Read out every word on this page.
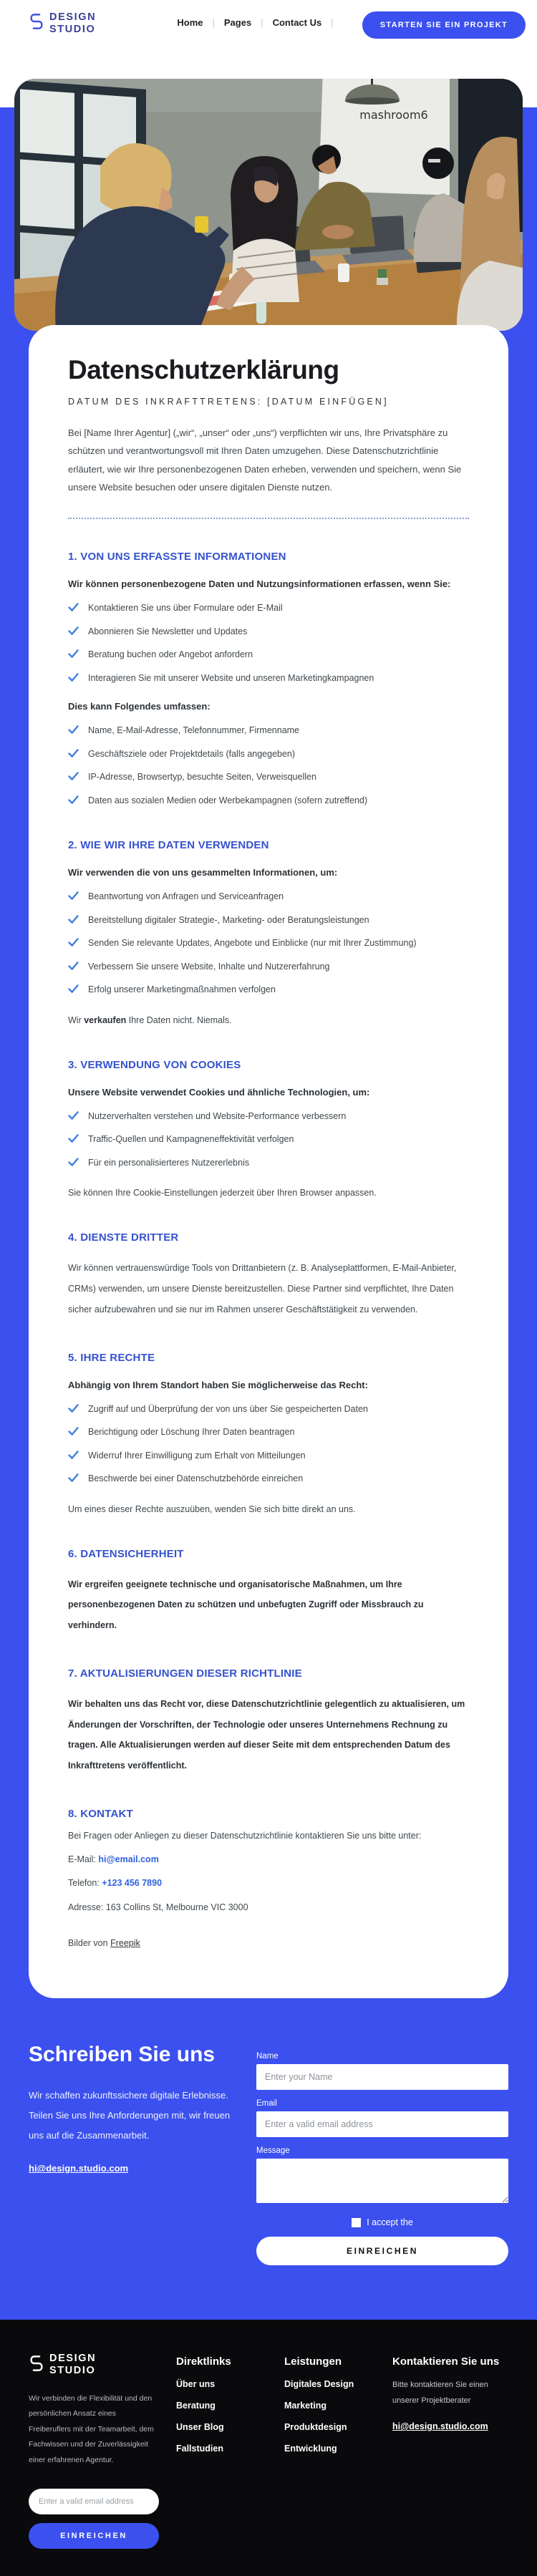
DESIGN
STUDIO
Home	|	Pages	|	Contact Us	|	STARTEN SIE EIN PROJEKT
mashroom6
Datenschutzerklärung
DATUM DES INKRAFTTRETENS: [DATUM EINFÜGEN]

Bei [Name Ihrer Agentur] („wir“, „unser“ oder „uns“) verpflichten wir uns, Ihre Privatsphäre zu schützen und verantwortungsvoll mit Ihren Daten umzugehen. Diese Datenschutzrichtlinie erläutert, wie wir Ihre personenbezogenen Daten erheben, verwenden und speichern, wenn Sie unsere Website besuchen oder unsere digitalen Dienste nutzen.

1. VON UNS ERFASSTE INFORMATIONEN

Wir können personenbezogene Daten und Nutzungsinformationen erfassen, wenn Sie:

Kontaktieren Sie uns über Formulare oder E-Mail
Abonnieren Sie Newsletter und Updates
Beratung buchen oder Angebot anfordern
Interagieren Sie mit unserer Website und unseren Marketingkampagnen

Dies kann Folgendes umfassen:

Name, E-Mail-Adresse, Telefonnummer, Firmenname
Geschäftsziele oder Projektdetails (falls angegeben)
IP-Adresse, Browsertyp, besuchte Seiten, Verweisquellen
Daten aus sozialen Medien oder Werbekampagnen (sofern zutreffend)
2. WIE WIR IHRE DATEN VERWENDEN

Wir verwenden die von uns gesammelten Informationen, um:

Beantwortung von Anfragen und Serviceanfragen
Bereitstellung digitaler Strategie-, Marketing- oder Beratungsleistungen
Senden Sie relevante Updates, Angebote und Einblicke (nur mit Ihrer Zustimmung)
Verbessern Sie unsere Website, Inhalte und Nutzererfahrung
Erfolg unserer Marketingmaßnahmen verfolgen

Wir verkaufen Ihre Daten nicht. Niemals.

3. VERWENDUNG VON COOKIES

Unsere Website verwendet Cookies und ähnliche Technologien, um:

Nutzerverhalten verstehen und Website-Performance verbessern
Traffic-Quellen und Kampagneneffektivität verfolgen
Für ein personalisierteres Nutzererlebnis

Sie können Ihre Cookie-Einstellungen jederzeit über Ihren Browser anpassen.

4. DIENSTE DRITTER

Wir können vertrauenswürdige Tools von Drittanbietern (z. B. Analyseplattformen, E-Mail-Anbieter, CRMs) verwenden, um unsere Dienste bereitzustellen. Diese Partner sind verpflichtet, Ihre Daten sicher aufzubewahren und sie nur im Rahmen unserer Geschäftstätigkeit zu verwenden.

5. IHRE RECHTE

Abhängig von Ihrem Standort haben Sie möglicherweise das Recht:

Zugriff auf und Überprüfung der von uns über Sie gespeicherten Daten
Berichtigung oder Löschung Ihrer Daten beantragen
Widerruf Ihrer Einwilligung zum Erhalt von Mitteilungen
Beschwerde bei einer Datenschutzbehörde einreichen

Um eines dieser Rechte auszuüben, wenden Sie sich bitte direkt an uns.

6. DATENSICHERHEIT

Wir ergreifen geeignete technische und organisatorische Maßnahmen, um Ihre personenbezogenen Daten zu schützen und unbefugten Zugriff oder Missbrauch zu verhindern.

7. AKTUALISIERUNGEN DIESER RICHTLINIE

Wir behalten uns das Recht vor, diese Datenschutzrichtlinie gelegentlich zu aktualisieren, um Änderungen der Vorschriften, der Technologie oder unseres Unternehmens Rechnung zu tragen. Alle Aktualisierungen werden auf dieser Seite mit dem entsprechenden Datum des Inkrafttretens veröffentlicht.

8. KONTAKT

Bei Fragen oder Anliegen zu dieser Datenschutzrichtlinie kontaktieren Sie uns bitte unter:

E-Mail: hi@email.com

Telefon: +123 456 7890

Adresse: 163 Collins St, Melbourne VIC 3000

Bilder von Freepik

Schreiben Sie uns

Wir schaffen zukunftssichere digitale Erlebnisse. Teilen Sie uns Ihre Anforderungen mit, wir freuen uns auf die Zusammenarbeit.

hi@design.studio.com
Name
Enter your Name
Email
Enter a valid email address
Message
I accept the
EINREICHEN
DESIGN
STUDIO

Wir verbinden die Flexibilität und den persönlichen Ansatz eines Freiberuflers mit der Teamarbeit, dem Fachwissen und der Zuverlässigkeit einer erfahrenen Agentur.

Enter a valid email address EINREICHEN
Direktlinks
Über uns
Beratung
Unser Blog
Fallstudien
Leistungen
Digitales Design
Marketing
Produktdesign
Entwicklung
Kontaktieren Sie uns

Bitte kontaktieren Sie einen unserer Projektberater

hi@design.studio.com
